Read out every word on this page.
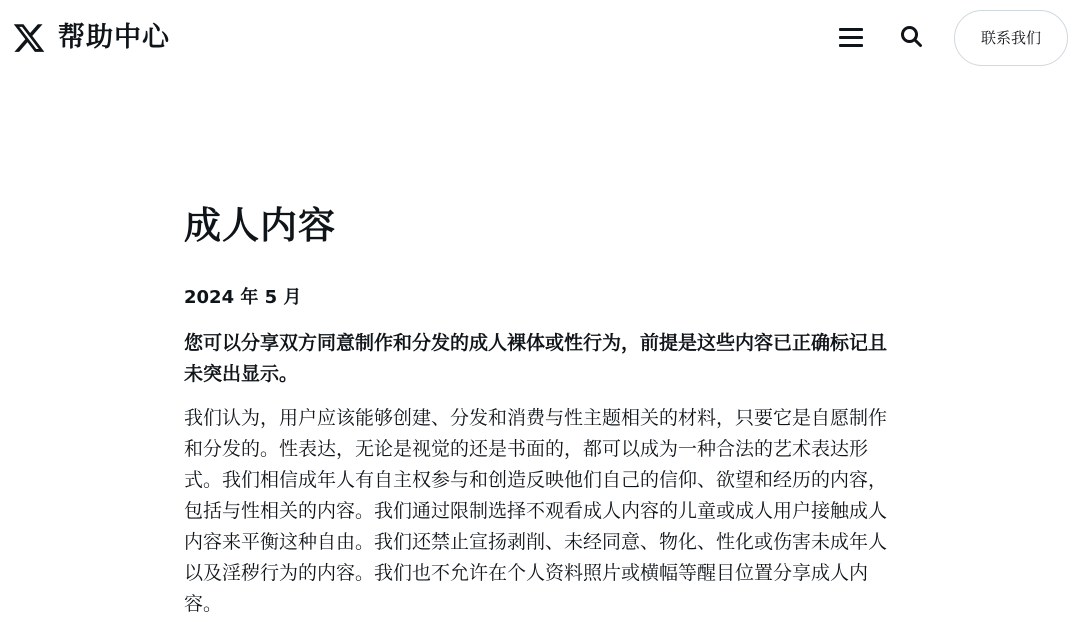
帮助中心	联系我们
成人内容
2024 年 5 月
您可以分享双方同意制作和分发的成人裸体或性行为，前提是这些内容已正确标记且未突出显示。
我们认为，用户应该能够创建、分发和消费与性主题相关的材料，只要它是自愿制作和分发的。性表达，无论是视觉的还是书面的，都可以成为一种合法的艺术表达形式。我们相信成年人有自主权参与和创造反映他们自己的信仰、欲望和经历的内容，包括与性相关的内容。我们通过限制选择不观看成人内容的儿童或成人用户接触成人内容来平衡这种自由。我们还禁止宣扬剥削、未经同意、物化、性化或伤害未成年人以及淫秽行为的内容。我们也不允许在个人资料照片或横幅等醒目位置分享成人内容。
